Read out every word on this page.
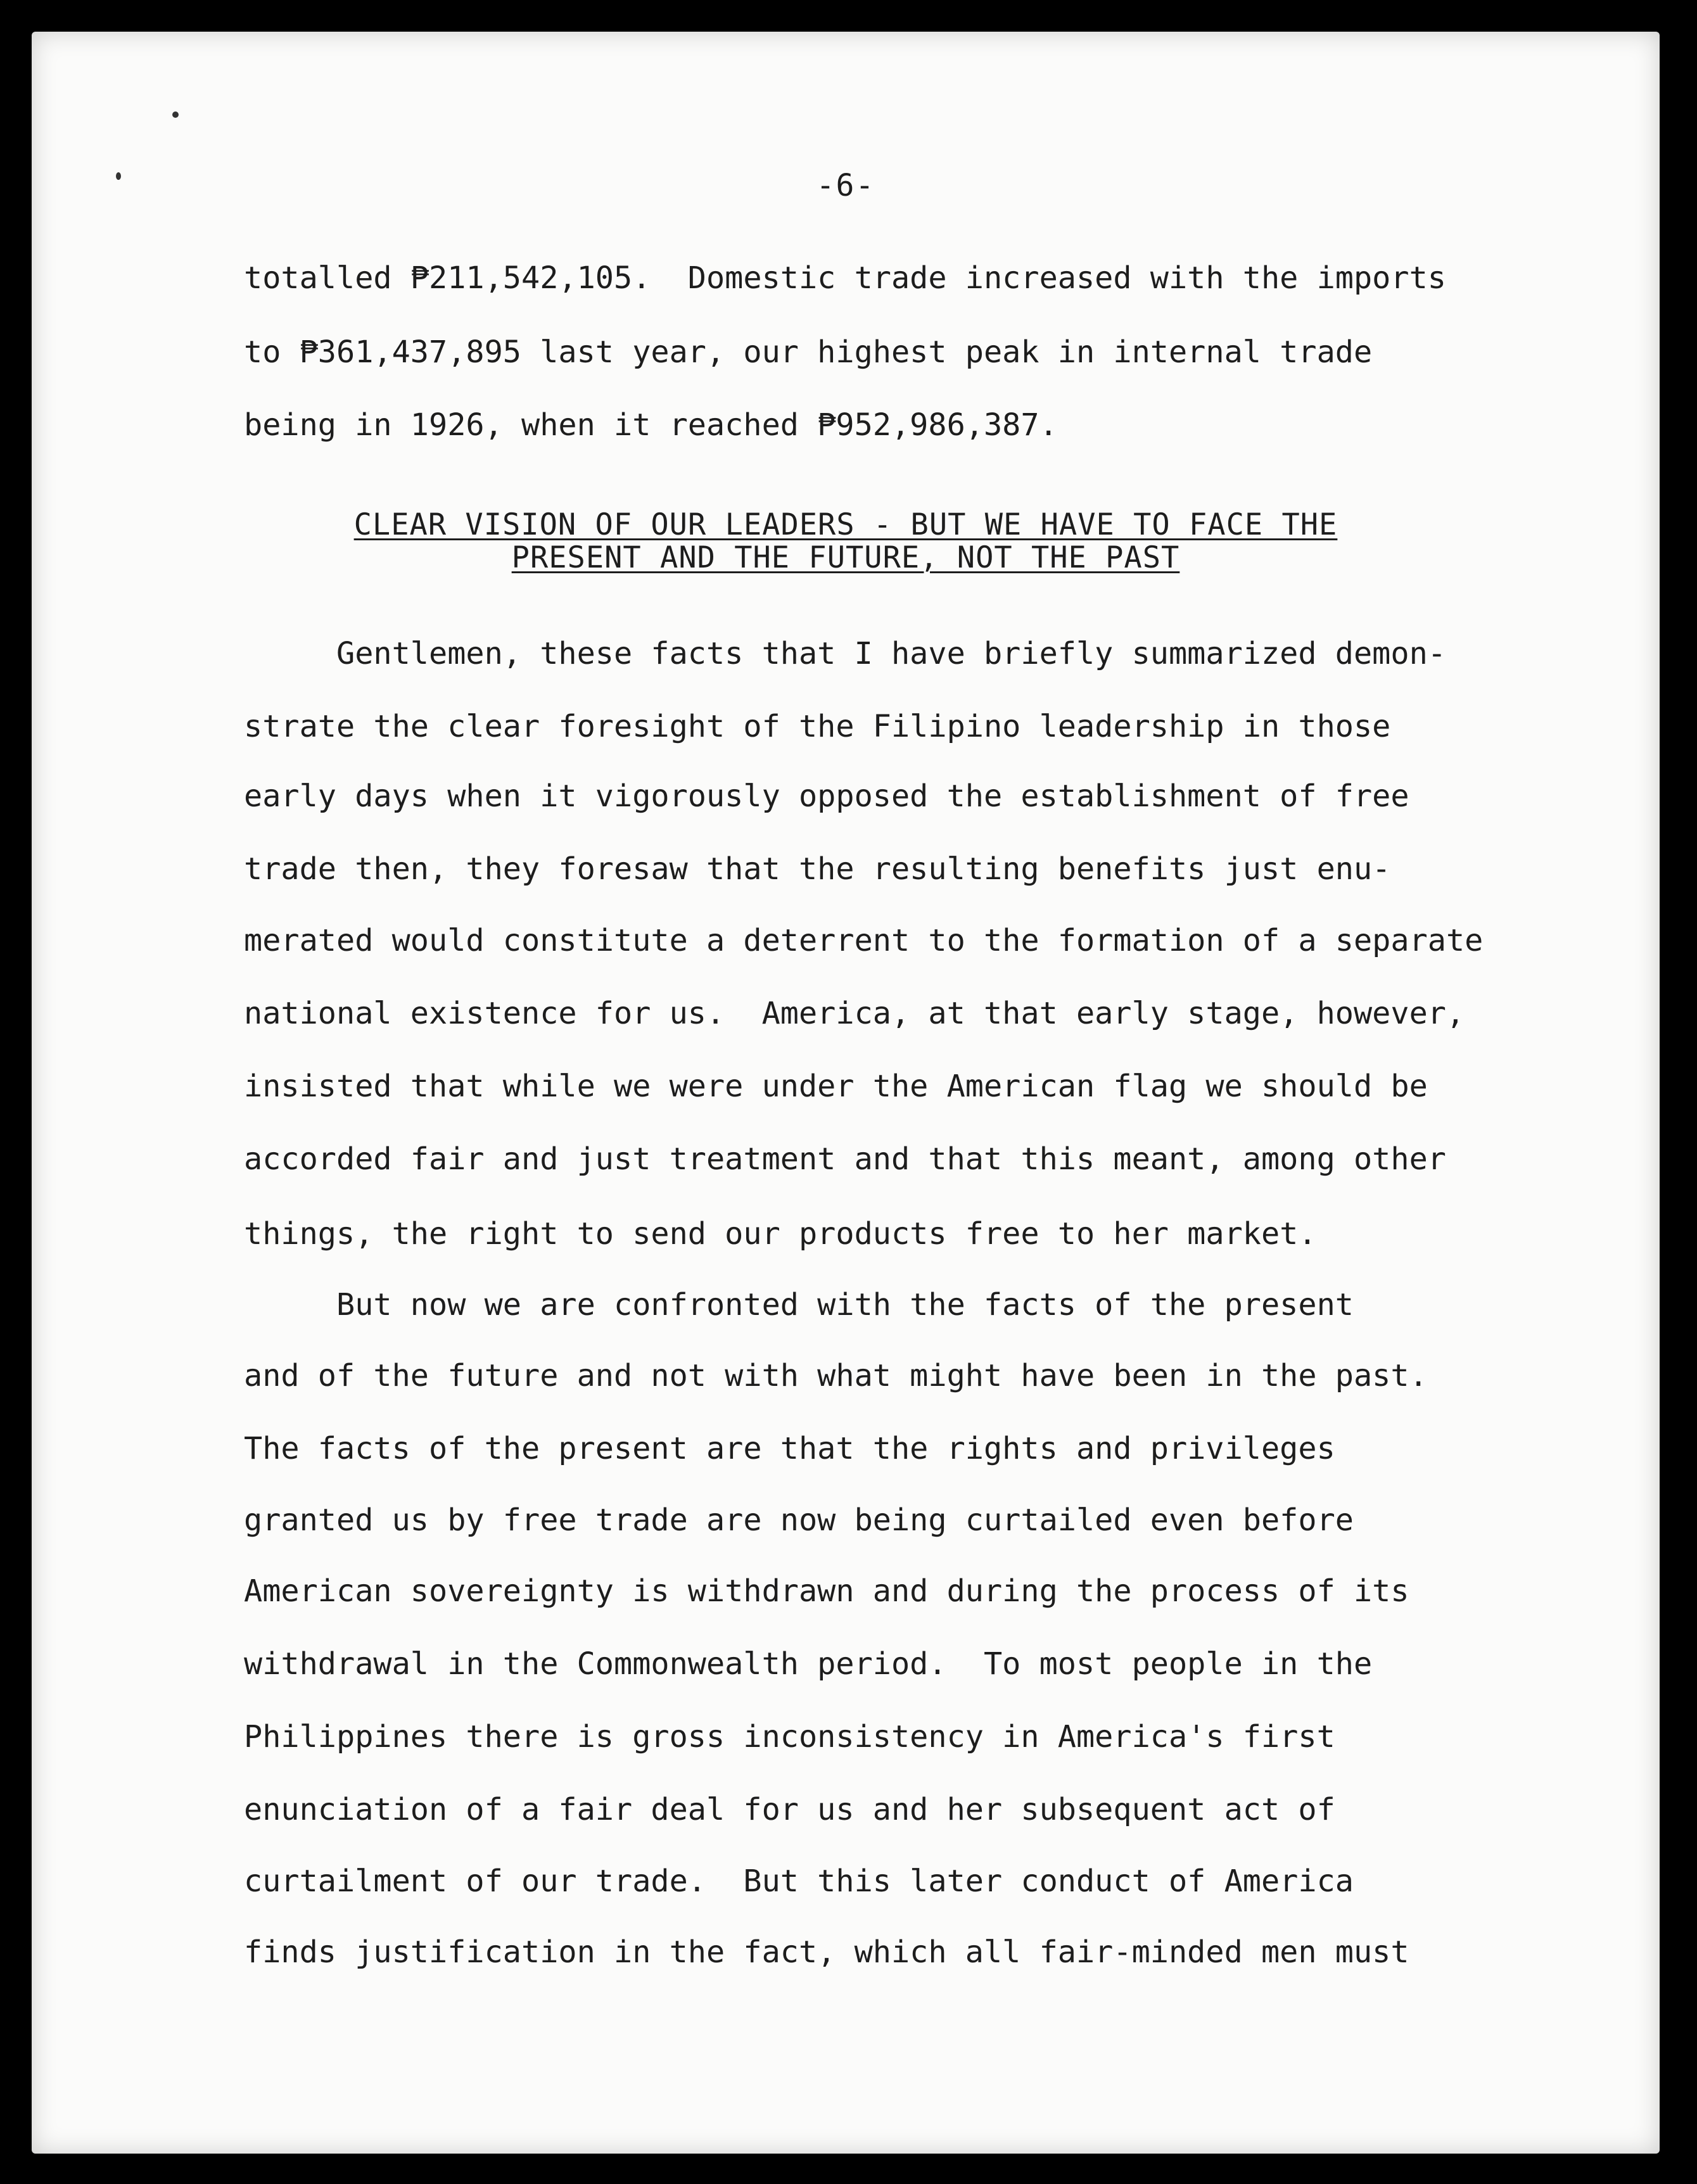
-6-

totalled ₱211,542,105.  Domestic trade increased with the imports

to ₱361,437,895 last year, our highest peak in internal trade

being in 1926, when it reached ₱952,986,387.

CLEAR VISION OF OUR LEADERS - BUT WE HAVE TO FACE THE
PRESENT AND THE FUTURE, NOT THE PAST

Gentlemen, these facts that I have briefly summarized demon-

strate the clear foresight of the Filipino leadership in those

early days when it vigorously opposed the establishment of free

trade then, they foresaw that the resulting benefits just enu-

merated would constitute a deterrent to the formation of a separate

national existence for us.  America, at that early stage, however,

insisted that while we were under the American flag we should be

accorded fair and just treatment and that this meant, among other

things, the right to send our products free to her market.

But now we are confronted with the facts of the present

and of the future and not with what might have been in the past.

The facts of the present are that the rights and privileges

granted us by free trade are now being curtailed even before

American sovereignty is withdrawn and during the process of its

withdrawal in the Commonwealth period.  To most people in the

Philippines there is gross inconsistency in America's first

enunciation of a fair deal for us and her subsequent act of

curtailment of our trade.  But this later conduct of America

finds justification in the fact, which all fair-minded men must
